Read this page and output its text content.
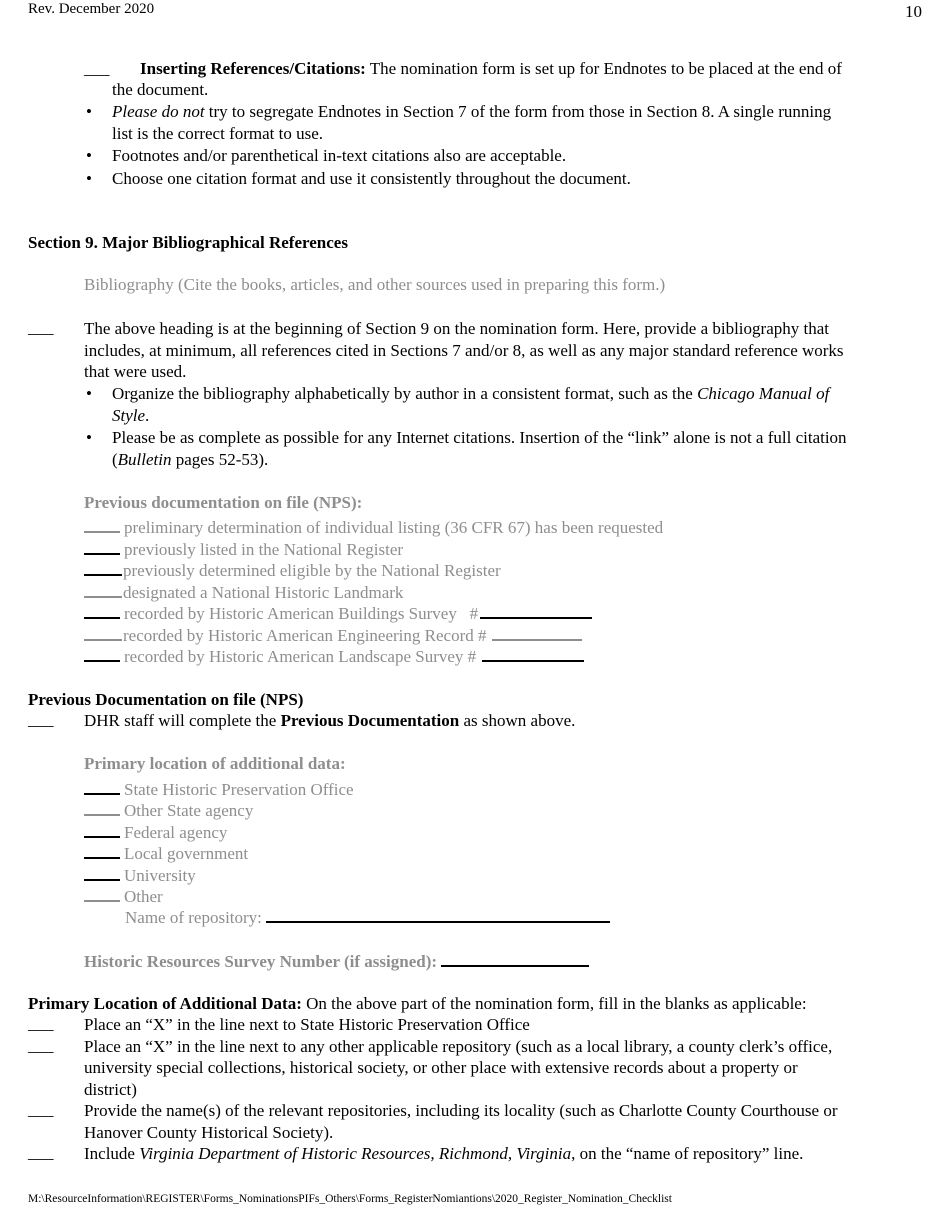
Rev. December 2020	10
___ Inserting References/Citations: The nomination form is set up for Endnotes to be placed at the end of
the document.
• Please do not try to segregate Endnotes in Section 7 of the form from those in Section 8. A single running
list is the correct format to use.
• Footnotes and/or parenthetical in-text citations also are acceptable.
• Choose one citation format and use it consistently throughout the document.
Section 9. Major Bibliographical References
Bibliography (Cite the books, articles, and other sources used in preparing this form.)
___ The above heading is at the beginning of Section 9 on the nomination form. Here, provide a bibliography that
includes, at minimum, all references cited in Sections 7 and/or 8, as well as any major standard reference works
that were used.
• Organize the bibliography alphabetically by author in a consistent format, such as the Chicago Manual of
Style.
• Please be as complete as possible for any Internet citations. Insertion of the “link” alone is not a full citation
(Bulletin pages 52-53).
Previous documentation on file (NPS):
preliminary determination of individual listing (36 CFR 67) has been requested
previously listed in the National Register
previously determined eligible by the National Register
designated a National Historic Landmark
recorded by Historic American Buildings Survey   #
recorded by Historic American Engineering Record #
recorded by Historic American Landscape Survey #
Previous Documentation on file (NPS)
___ DHR staff will complete the Previous Documentation as shown above.
Primary location of additional data:
State Historic Preservation Office
Other State agency
Federal agency
Local government
University
Other
Name of repository:
Historic Resources Survey Number (if assigned):
Primary Location of Additional Data: On the above part of the nomination form, fill in the blanks as applicable:
___ Place an “X” in the line next to State Historic Preservation Office
___ Place an “X” in the line next to any other applicable repository (such as a local library, a county clerk’s office,
university special collections, historical society, or other place with extensive records about a property or
district)
___ Provide the name(s) of the relevant repositories, including its locality (such as Charlotte County Courthouse or
Hanover County Historical Society).
___ Include Virginia Department of Historic Resources, Richmond, Virginia, on the “name of repository” line.
M:\ResourceInformation\REGISTER\Forms_NominationsPIFs_Others\Forms_RegisterNomiantions\2020_Register_Nomination_Checklist
